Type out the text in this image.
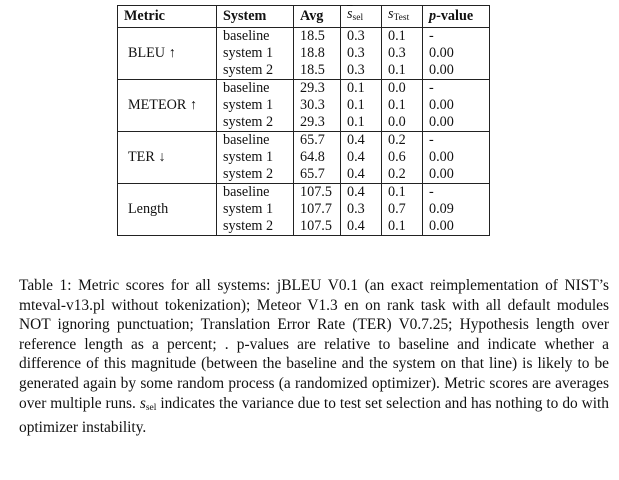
Metric	System	Avg	$\overline{s}_{sel}$	$s_{Test}$	p-value
BLEU ↑	baseline	18.5	0.3	0.1	-
	system 1	18.8	0.3	0.3	0.00
	system 2	18.5	0.3	0.1	0.00
METEOR ↑	baseline	29.3	0.1	0.0	-
	system 1	30.3	0.1	0.1	0.00
	system 2	29.3	0.1	0.0	0.00
TER ↓	baseline	65.7	0.4	0.2	-
	system 1	64.8	0.4	0.6	0.00
	system 2	65.7	0.4	0.2	0.00
Length	baseline	107.5	0.4	0.1	-
	system 1	107.7	0.3	0.7	0.09
	system 2	107.5	0.4	0.1	0.00

Table 1: Metric scores for all systems: jBLEU V0.1 (an exact reimplementation of NIST’s mteval-v13.pl without tokenization); Meteor V1.3 en on rank task with all default modules NOT ignoring punctuation; Translation Error Rate (TER) V0.7.25; Hypothesis length over reference length as a percent; . p-values are relative to baseline and indicate whether a difference of this magnitude (between the baseline and the system on that line) is likely to be generated again by some random process (a randomized optimizer). Metric scores are averages over multiple runs. $s_{sel}$ indicates the variance due to test set selection and has nothing to do with optimizer instability.
